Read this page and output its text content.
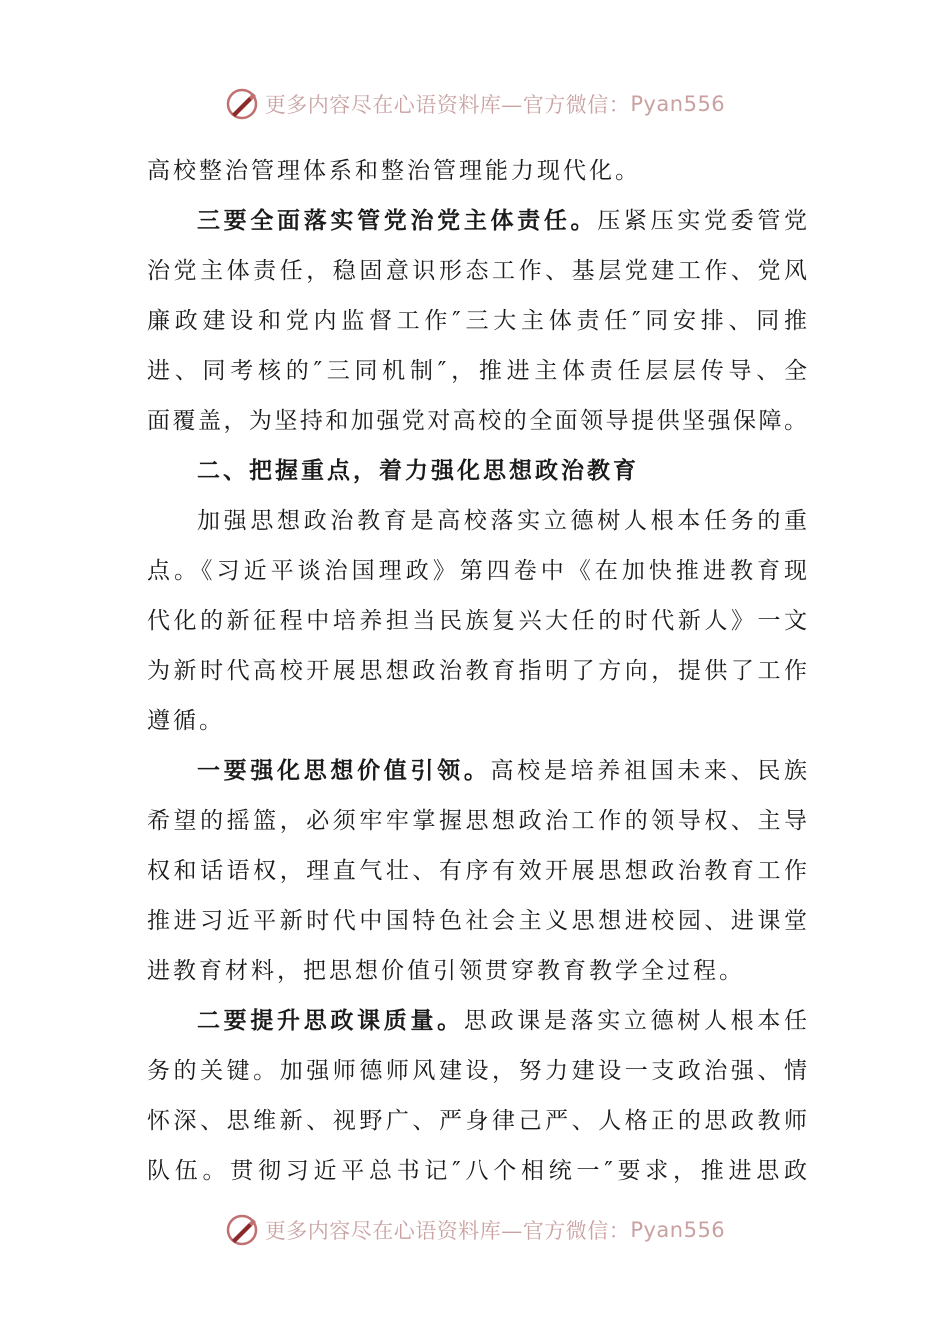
更多内容尽在心语资料库—官方微信： Pyan556
高校整治管理体系和整治管理能力现代化。
三要全面落实管党治党主体责任。压紧压实党委管党
治党主体责任，稳固意识形态工作、基层党建工作、党风
廉政建设和党内监督工作″三大主体责任″同安排、同推
进、同考核的″三同机制″，推进主体责任层层传导、全
面覆盖，为坚持和加强党对高校的全面领导提供坚强保障。
二、把握重点，着力强化思想政治教育
加强思想政治教育是高校落实立德树人根本任务的重
点。《习近平谈治国理政》第四卷中《在加快推进教育现
代化的新征程中培养担当民族复兴大任的时代新人》一文
为新时代高校开展思想政治教育指明了方向，提供了工作
遵循。
一要强化思想价值引领。高校是培养祖国未来、民族
希望的摇篮，必须牢牢掌握思想政治工作的领导权、主导
权和话语权，理直气壮、有序有效开展思想政治教育工作
推进习近平新时代中国特色社会主义思想进校园、进课堂
进教育材料，把思想价值引领贯穿教育教学全过程。
二要提升思政课质量。思政课是落实立德树人根本任
务的关键。加强师德师风建设，努力建设一支政治强、情
怀深、思维新、视野广、严身律己严、人格正的思政教师
队伍。贯彻习近平总书记″八个相统一″要求，推进思政
更多内容尽在心语资料库—官方微信： Pyan556
